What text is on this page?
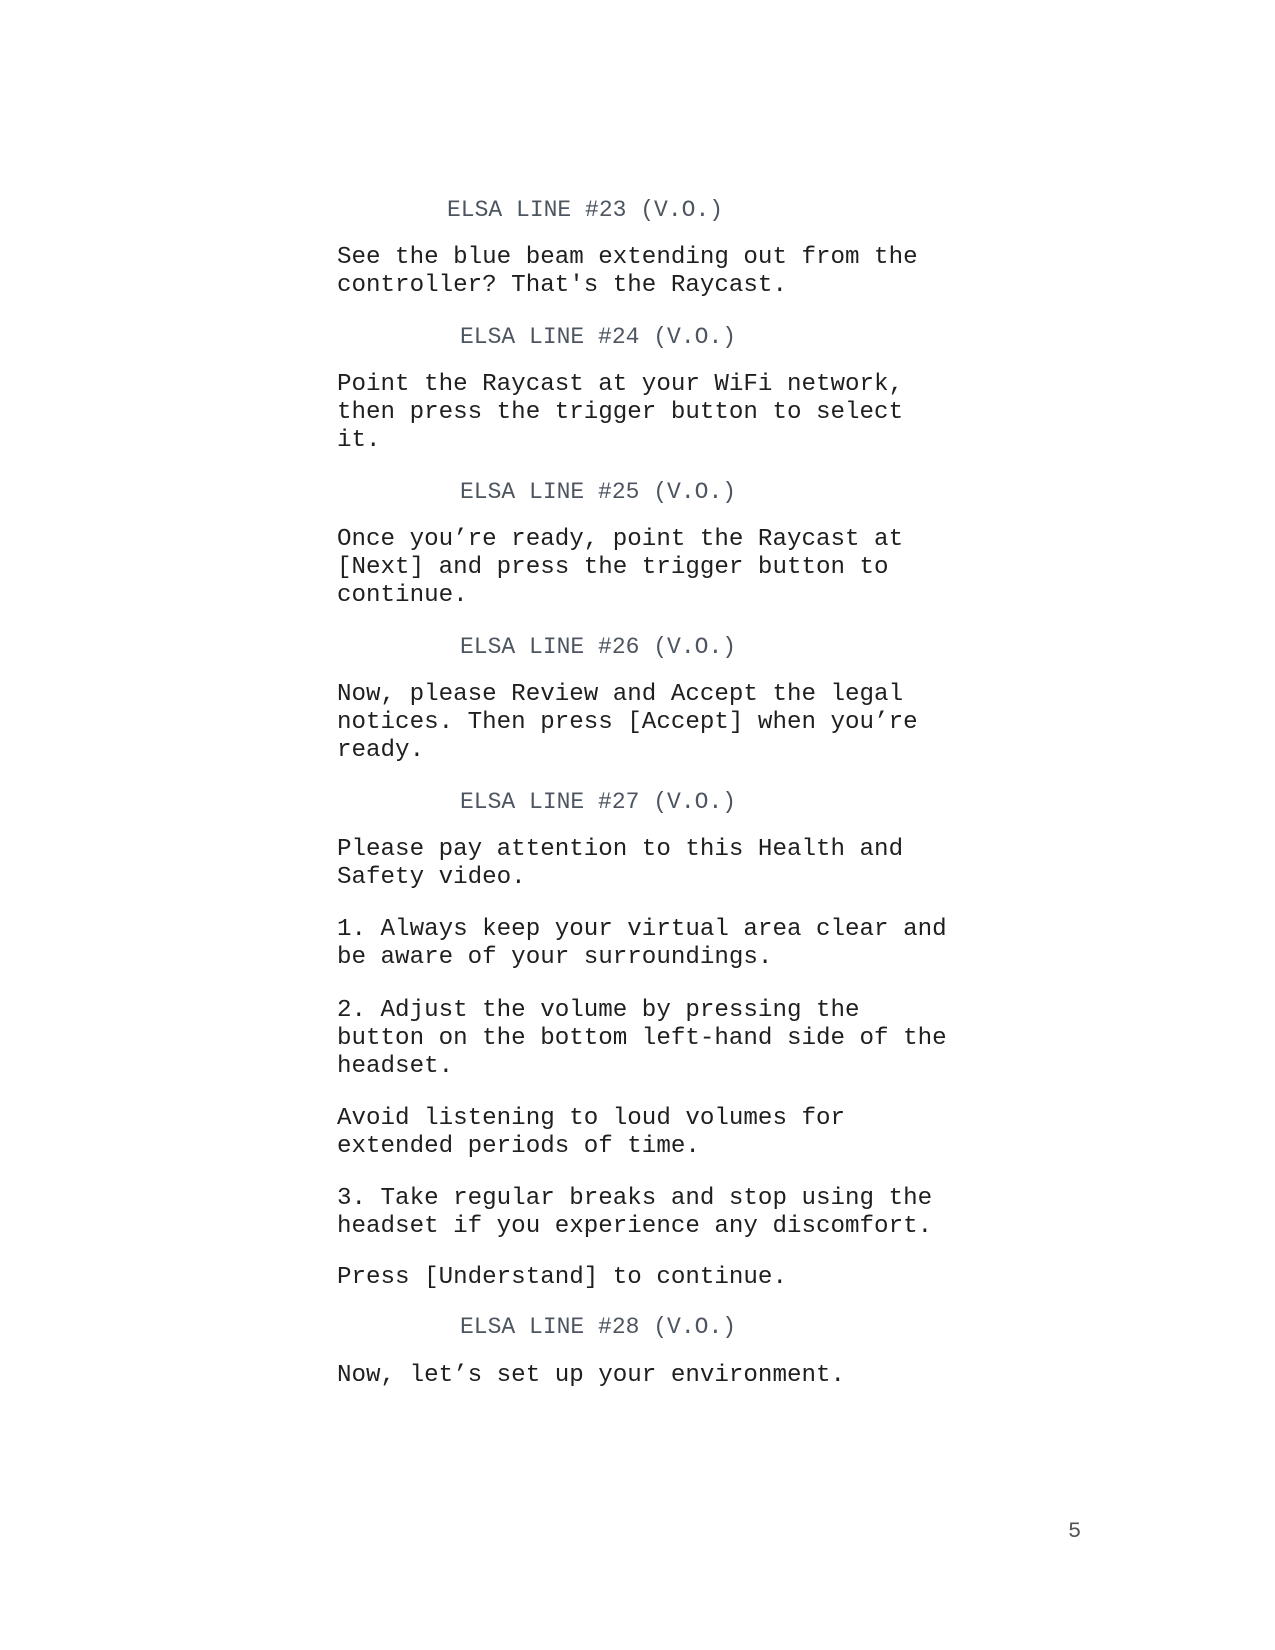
ELSA LINE #23 (V.O.)

See the blue beam extending out from the
controller? That's the Raycast.

ELSA LINE #24 (V.O.)

Point the Raycast at your WiFi network,
then press the trigger button to select
it.

ELSA LINE #25 (V.O.)

Once you’re ready, point the Raycast at
[Next] and press the trigger button to
continue.

ELSA LINE #26 (V.O.)

Now, please Review and Accept the legal
notices. Then press [Accept] when you’re
ready.

ELSA LINE #27 (V.O.)

Please pay attention to this Health and
Safety video.

1. Always keep your virtual area clear and
be aware of your surroundings.

2. Adjust the volume by pressing the
button on the bottom left-hand side of the
headset.

Avoid listening to loud volumes for
extended periods of time.

3. Take regular breaks and stop using the
headset if you experience any discomfort.

Press [Understand] to continue.

ELSA LINE #28 (V.O.)

Now, let’s set up your environment.

5
